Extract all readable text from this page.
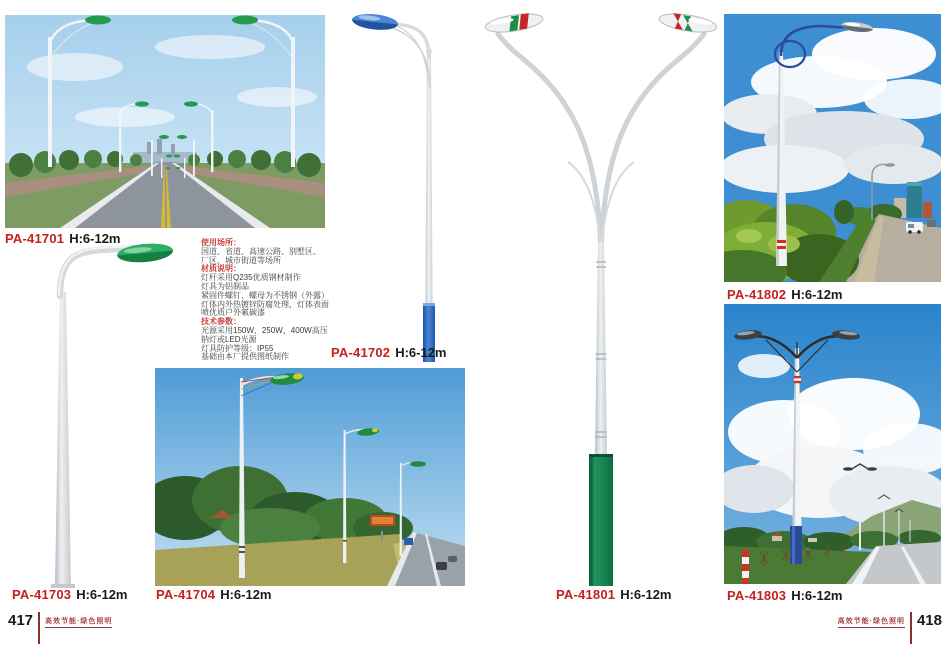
PA-41701 H:6-12m
PA-41703 H:6-12m
使用场所：
国道、省道、高速公路、别墅区、
厂区、城市街道等场所
材质说明：
灯杆采用Q235优质钢材制作
灯具为铝制品
紧固件螺钉、螺母为不锈钢（外露）
灯体内外热镀锌防腐处理，灯体表面
喷优质户外氟碳漆
技术参数：
光源采用150W、250W、400W高压
钠灯或LED光源
灯具防护等级：IP55
基础由本厂提供图纸制作	PA-41702 H:6-12m
PA-41704 H:6-12m	PA-41801 H:6-12m
PA-41802 H:6-12m
PA-41803 H:6-12m
417 高效节能·绿色照明	高效节能·绿色照明 418
